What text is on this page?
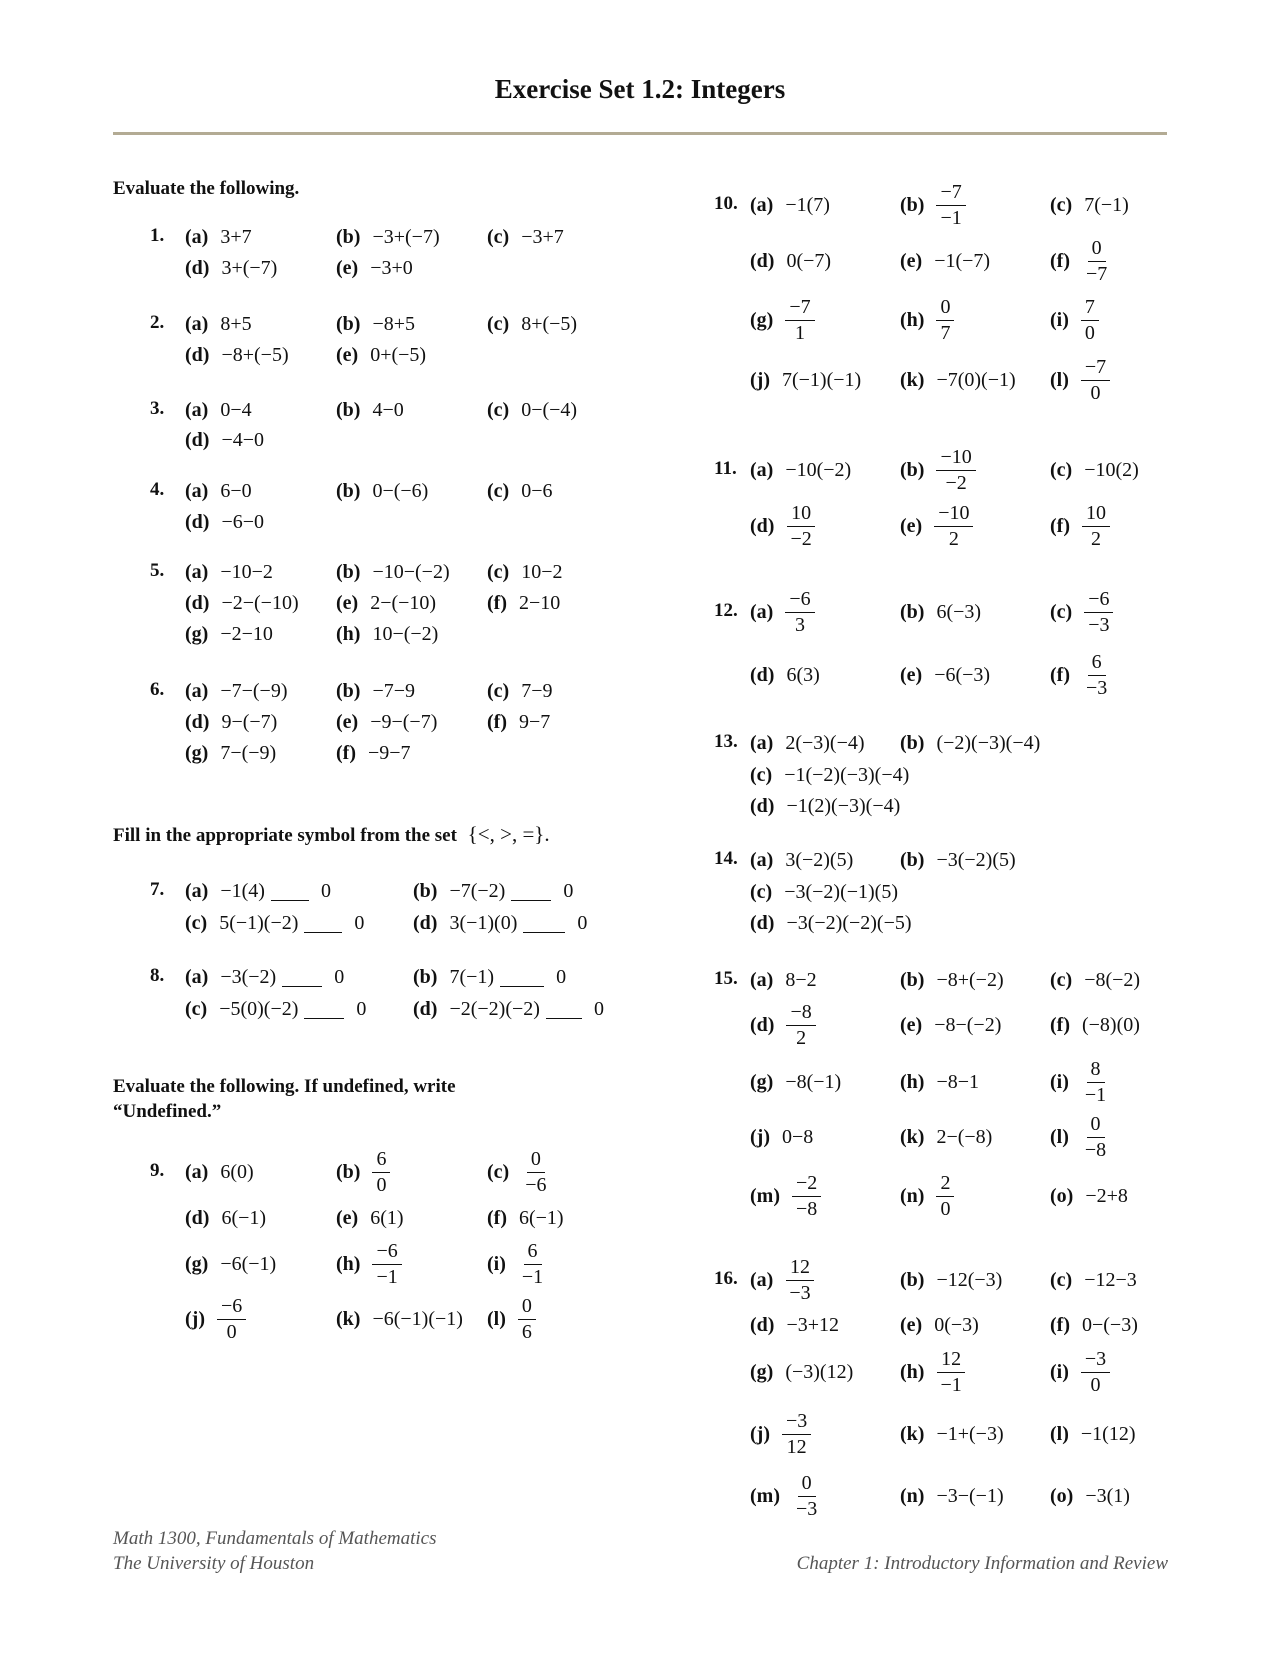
Exercise Set 1.2: Integers
Evaluate the following.
Fill in the appropriate symbol from the set {<, >, =}.
Evaluate the following. If undefined, write
“Undefined.”
1. (a) 3+7	(b) −3+(−7) (c) −3+7
(d) 3+(−7)	(e) −3+0
2. (a) 8+5	(b) −8+5	(c) 8+(−5)
(d) −8+(−5) (e) 0+(−5)
3. (a) 0−4	(b) 4−0	(c) 0−(−4)
(d) −4−0
4. (a) 6−0	(b) 0−(−6)	(c) 0−6
(d) −6−0
5. (a) −10−2	(b) −10−(−2) (c) 10−2
(d) −2−(−10) (e) 2−(−10)	(f) 2−10
(g) −2−10	(h) 10−(−2)
6. (a) −7−(−9) (b) −7−9	(c) 7−9
(d) 9−(−7)	(e) −9−(−7) (f) 9−7
(g) 7−(−9)	(f) −9−7
7. (a) −1(4)	0	(b) −7(−2)	0
(c) 5(−1)(−2)	0 (d) 3(−1)(0)	0
8. (a) −3(−2)	0	(b) 7(−1)	0
(c) −5(0)(−2)	0 (d) −2(−2)(−2)	0
9. (a) 6(0)	$(b) \frac{6}{0}$	$(c) \frac{0}{-6}$
(d) 6(−1)	(e) 6(1)	(f) 6(−1)
(g) −6(−1)	$(h) \frac{-6}{-1}$	$(i) \frac{6}{-1}$
$(j) \frac{-6}{0}$	(k) −6(−1)(−1) $(l) \frac{0}{6}$
10. (a) −1(7)	$(b) \frac{-7}{-1}$	(c) 7(−1)
(d) 0(−7)	(e) −1(−7)	$(f) \frac{0}{-7}$
$(g) \frac{-7}{1}$	$(h) \frac{0}{7}$	$(i) \frac{7}{0}$
(j) 7(−1)(−1) (k) −7(0)(−1) $(l) \frac{-7}{0}$
11. (a) −10(−2) $(b) \frac{-10}{-2}$	(c) −10(2)
$(d) \frac{10}{-2}$	$(e) \frac{-10}{2}$	$(f) \frac{10}{2}$
12. $(a) \frac{-6}{3}$	(b) 6(−3)	$(c) \frac{-6}{-3}$
(d) 6(3)	(e) −6(−3)	$(f) \frac{6}{-3}$
13. (a) 2(−3)(−4) (b) (−2)(−3)(−4)
(c) −1(−2)(−3)(−4)
(d) −1(2)(−3)(−4)
14. (a) 3(−2)(5) (b) −3(−2)(5)
(c) −3(−2)(−1)(5)
(d) −3(−2)(−2)(−5)
15. (a) 8−2	(b) −8+(−2) (c) −8(−2)
$(d) \frac{-8}{2}$	(e) −8−(−2) (f) (−8)(0)
(g) −8(−1)	(h) −8−1	$(i) \frac{8}{-1}$
(j) 0−8	(k) 2−(−8)	$(l) \frac{0}{-8}$
$(m) \frac{-2}{-8}$	$(n) \frac{2}{0}$	(o) −2+8
16. $(a) \frac{12}{-3}$	(b) −12(−3) (c) −12−3
(d) −3+12	(e) 0(−3)	(f) 0−(−3)
(g) (−3)(12) $(h) \frac{12}{-1}$	$(i) \frac{-3}{0}$
$(j) \frac{-3}{12}$	(k) −1+(−3) (l) −1(12)
$(m) \frac{0}{-3}$	(n) −3−(−1) (o) −3(1)
Math 1300, Fundamentals of Mathematics
The University of Houston	Chapter 1: Introductory Information and Review
